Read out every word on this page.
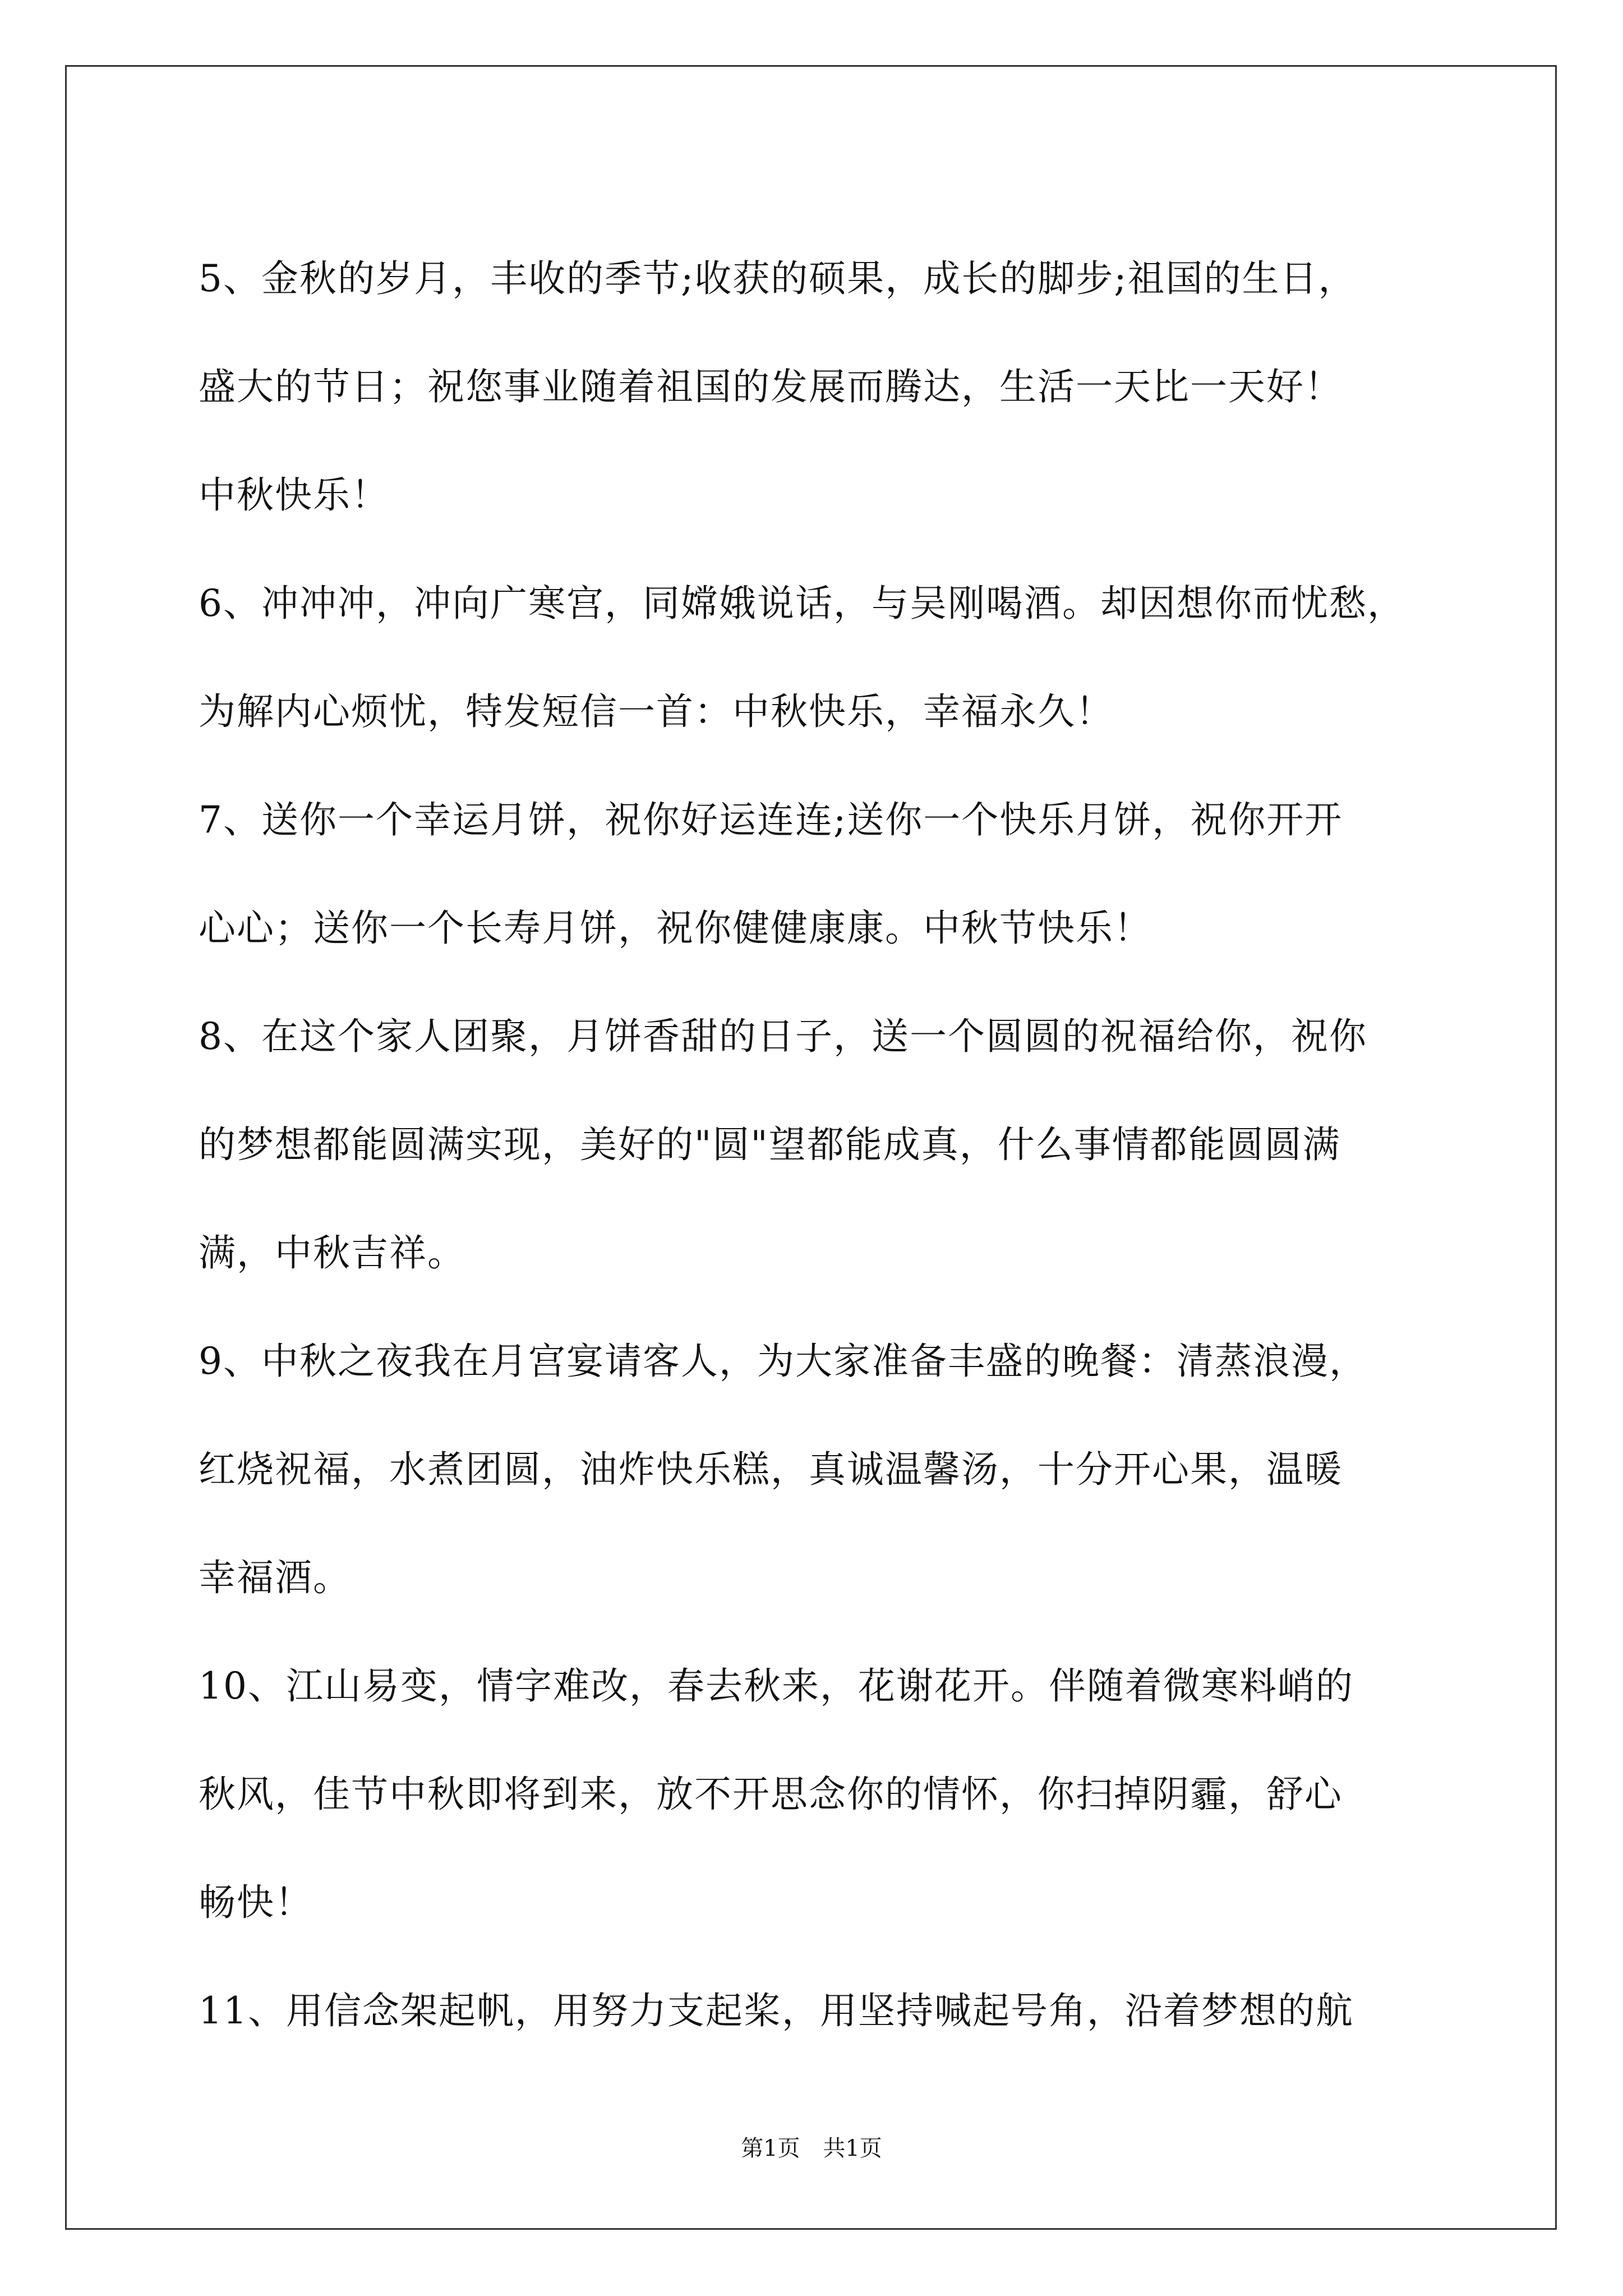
5、金秋的岁月，丰收的季节;收获的硕果，成长的脚步;祖国的生日，
盛大的节日；祝您事业随着祖国的发展而腾达，生活一天比一天好！
中秋快乐！

6、冲冲冲，冲向广寒宫，同嫦娥说话，与吴刚喝酒。却因想你而忧愁，
为解内心烦忧，特发短信一首：中秋快乐，幸福永久！

7、送你一个幸运月饼，祝你好运连连;送你一个快乐月饼，祝你开开
心心；送你一个长寿月饼，祝你健健康康。中秋节快乐！

8、在这个家人团聚，月饼香甜的日子，送一个圆圆的祝福给你，祝你
的梦想都能圆满实现，美好的"圆"望都能成真，什么事情都能圆圆满
满，中秋吉祥。

9、中秋之夜我在月宫宴请客人，为大家准备丰盛的晚餐：清蒸浪漫，
红烧祝福，水煮团圆，油炸快乐糕，真诚温馨汤，十分开心果，温暖
幸福酒。

10、江山易变，情字难改，春去秋来，花谢花开。伴随着微寒料峭的
秋风，佳节中秋即将到来，放不开思念你的情怀，你扫掉阴霾，舒心
畅快！

11、用信念架起帆，用努力支起桨，用坚持喊起号角，沿着梦想的航

第1页 共1页
